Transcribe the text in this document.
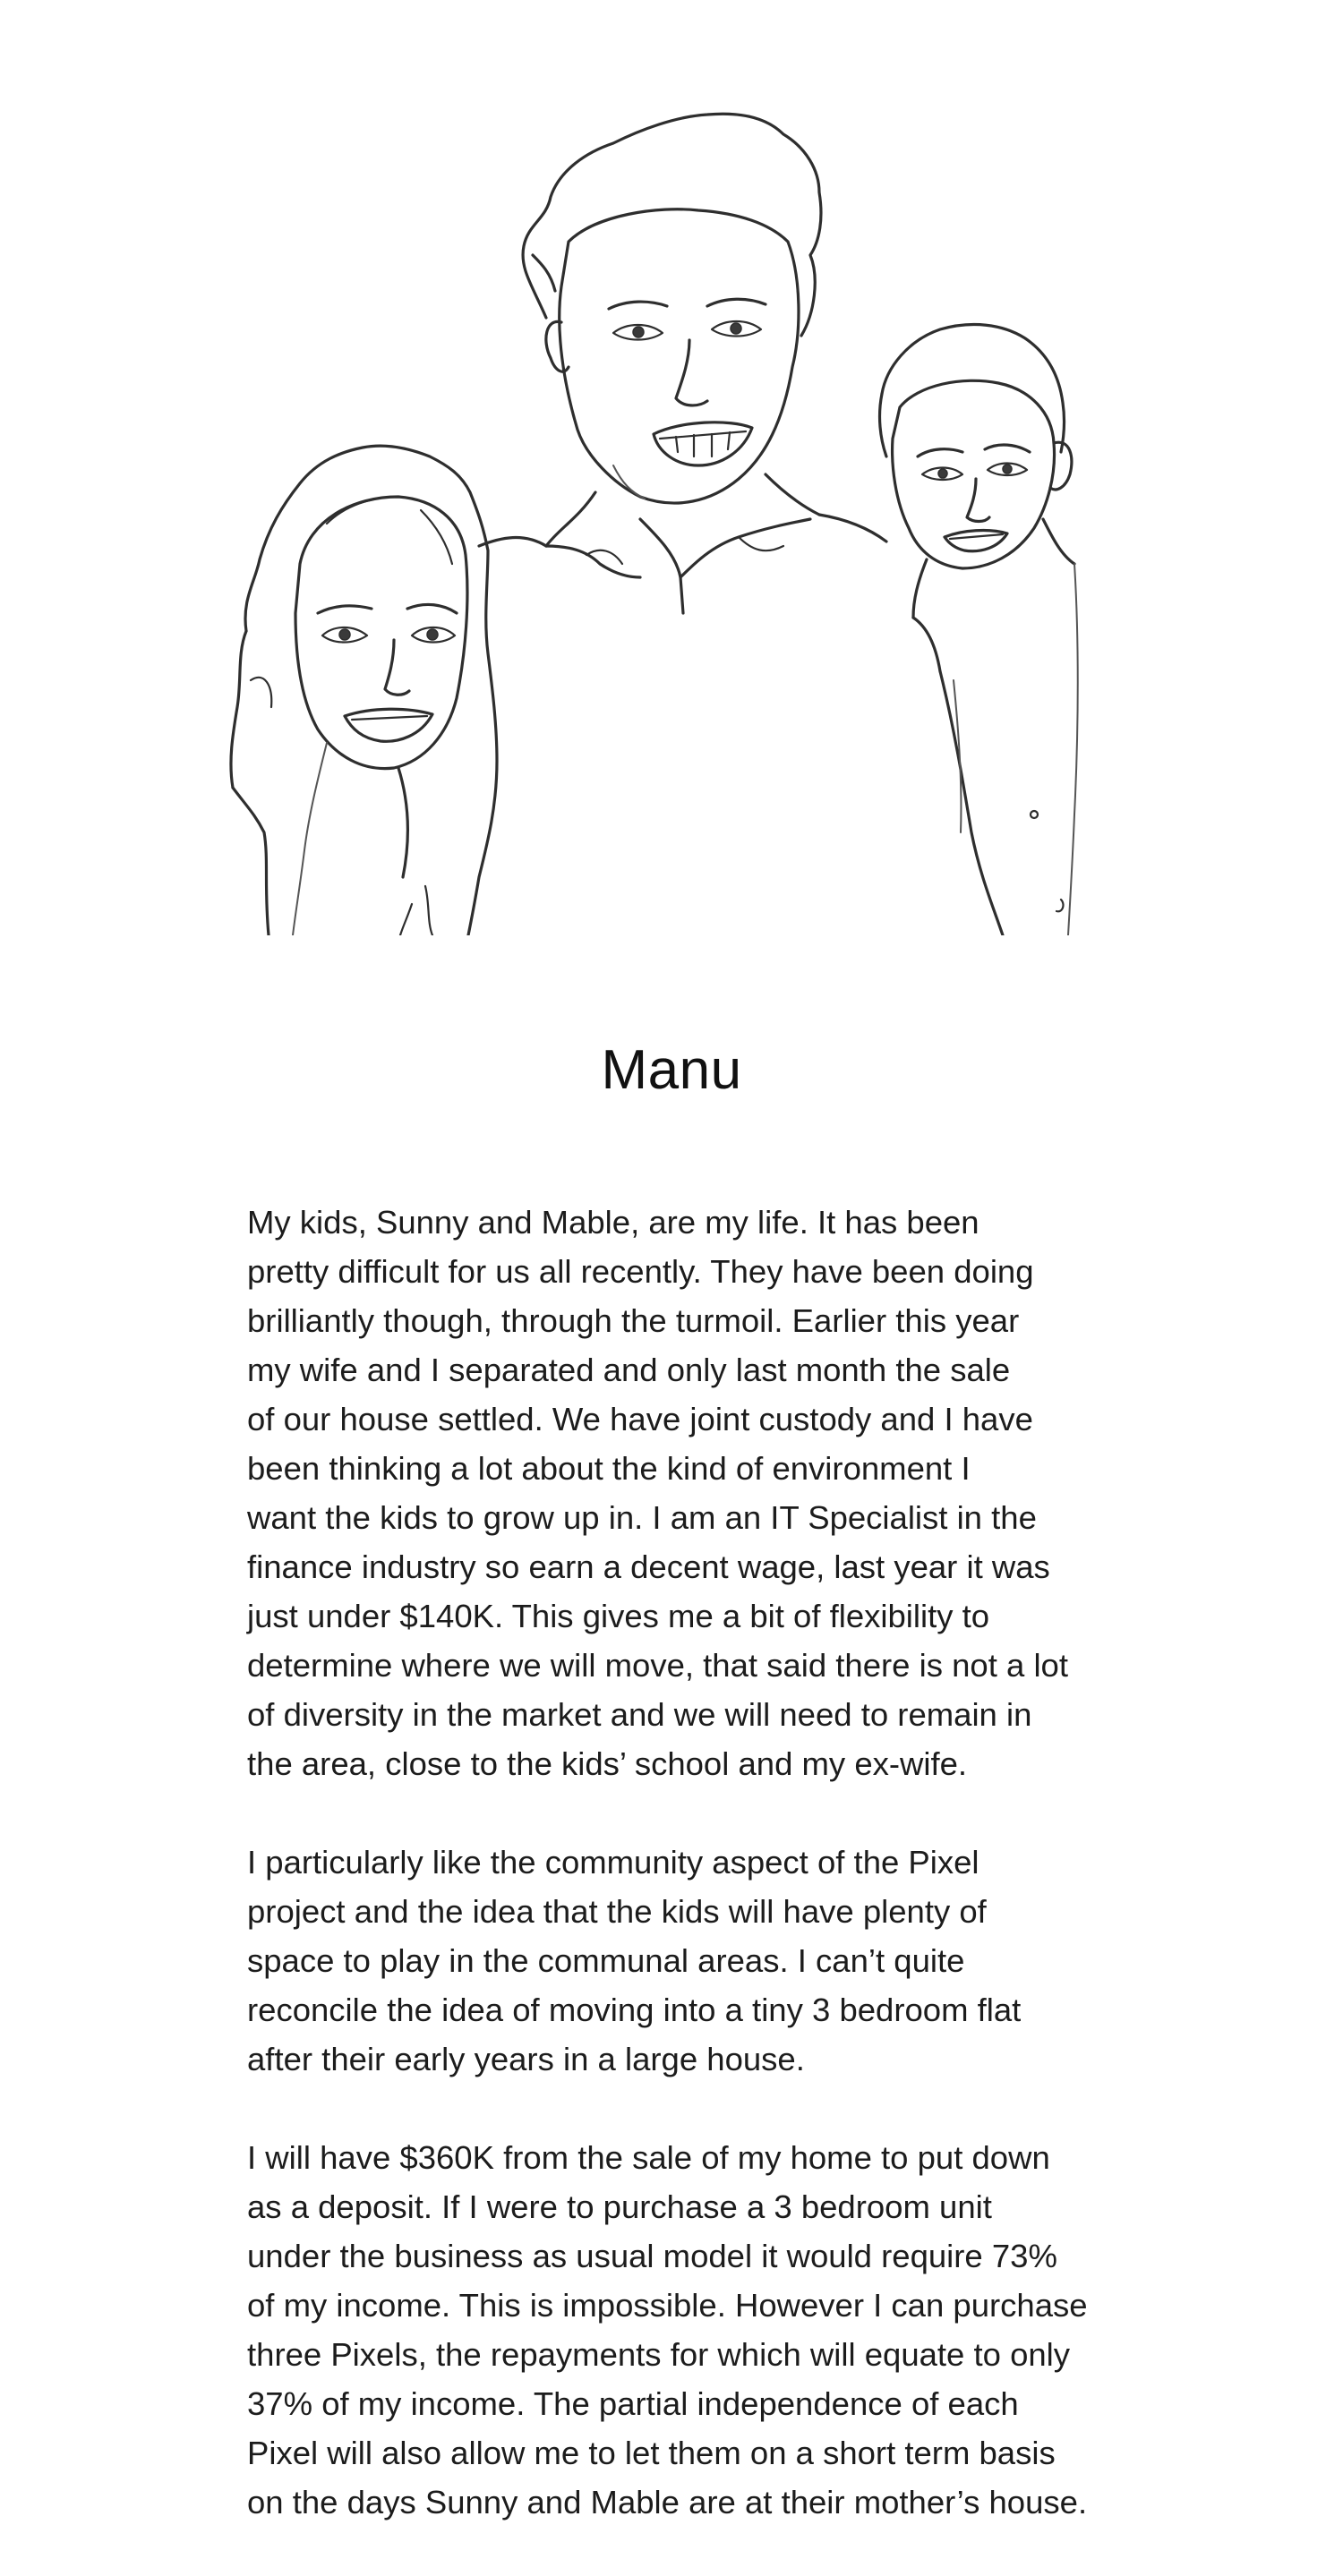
Manu

My kids, Sunny and Mable, are my life. It has been
pretty difficult for us all recently. They have been doing
brilliantly though, through the turmoil. Earlier this year
my wife and I separated and only last month the sale
of our house settled. We have joint custody and I have
been thinking a lot about the kind of environment I
want the kids to grow up in. I am an IT Specialist in the
finance industry so earn a decent wage, last year it was
just under $140K. This gives me a bit of flexibility to
determine where we will move, that said there is not a lot
of diversity in the market and we will need to remain in
the area, close to the kids’ school and my ex-wife.

I particularly like the community aspect of the Pixel
project and the idea that the kids will have plenty of
space to play in the communal areas. I can’t quite
reconcile the idea of moving into a tiny 3 bedroom flat
after their early years in a large house.

I will have $360K from the sale of my home to put down
as a deposit. If I were to purchase a 3 bedroom unit
under the business as usual model it would require 73%
of my income. This is impossible. However I can purchase
three Pixels, the repayments for which will equate to only
37% of my income. The partial independence of each
Pixel will also allow me to let them on a short term basis
on the days Sunny and Mable are at their mother’s house.
